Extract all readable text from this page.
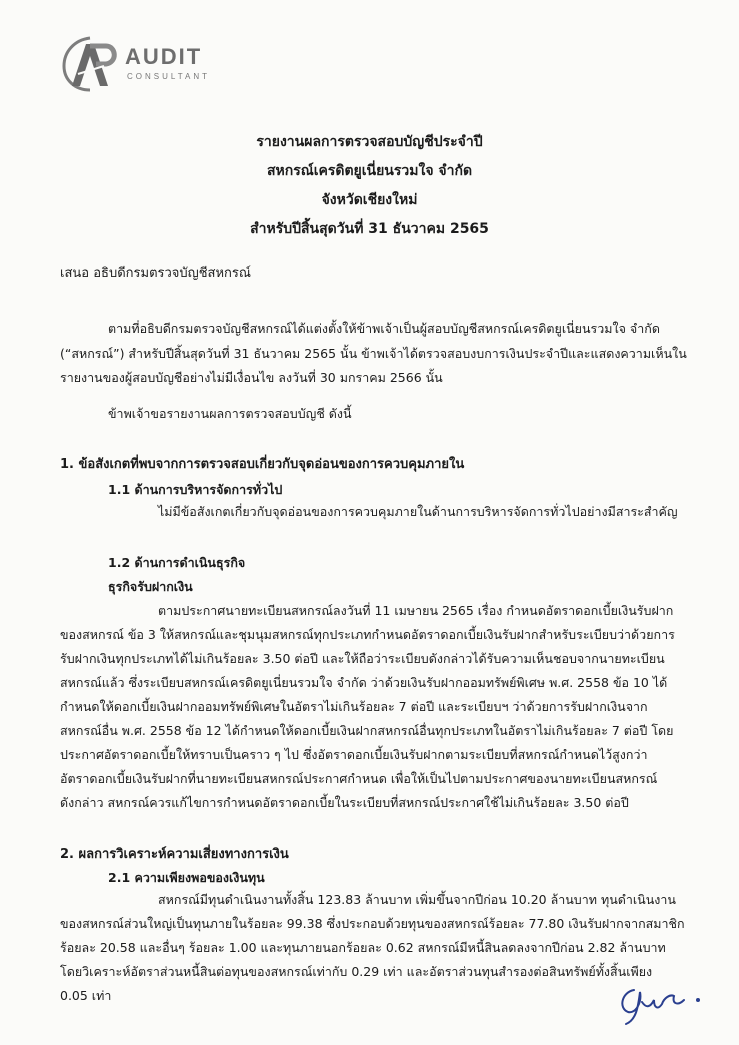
AUDIT
CONSULTANT
รายงานผลการตรวจสอบบัญชีประจำปี
สหกรณ์เครดิตยูเนี่ยนรวมใจ จำกัด
จังหวัดเชียงใหม่
สำหรับปีสิ้นสุดวันที่ 31 ธันวาคม 2565
เสนอ อธิบดีกรมตรวจบัญชีสหกรณ์
ตามที่อธิบดีกรมตรวจบัญชีสหกรณ์ได้แต่งตั้งให้ข้าพเจ้าเป็นผู้สอบบัญชีสหกรณ์เครดิตยูเนี่ยนรวมใจ จำกัด
(“สหกรณ์”) สำหรับปีสิ้นสุดวันที่ 31 ธันวาคม 2565 นั้น ข้าพเจ้าได้ตรวจสอบงบการเงินประจำปีและแสดงความเห็นใน
รายงานของผู้สอบบัญชีอย่างไม่มีเงื่อนไข ลงวันที่ 30 มกราคม 2566 นั้น
ข้าพเจ้าขอรายงานผลการตรวจสอบบัญชี ดังนี้
1. ข้อสังเกตที่พบจากการตรวจสอบเกี่ยวกับจุดอ่อนของการควบคุมภายใน
1.1 ด้านการบริหารจัดการทั่วไป
ไม่มีข้อสังเกตเกี่ยวกับจุดอ่อนของการควบคุมภายในด้านการบริหารจัดการทั่วไปอย่างมีสาระสำคัญ
1.2 ด้านการดำเนินธุรกิจ
ธุรกิจรับฝากเงิน
ตามประกาศนายทะเบียนสหกรณ์ลงวันที่ 11 เมษายน 2565 เรื่อง กำหนดอัตราดอกเบี้ยเงินรับฝาก
ของสหกรณ์ ข้อ 3 ให้สหกรณ์และชุมนุมสหกรณ์ทุกประเภทกำหนดอัตราดอกเบี้ยเงินรับฝากสำหรับระเบียบว่าด้วยการ
รับฝากเงินทุกประเภทได้ไม่เกินร้อยละ 3.50 ต่อปี และให้ถือว่าระเบียบดังกล่าวได้รับความเห็นชอบจากนายทะเบียน
สหกรณ์แล้ว ซึ่งระเบียบสหกรณ์เครดิตยูเนี่ยนรวมใจ จำกัด ว่าด้วยเงินรับฝากออมทรัพย์พิเศษ พ.ศ. 2558 ข้อ 10 ได้
กำหนดให้ดอกเบี้ยเงินฝากออมทรัพย์พิเศษในอัตราไม่เกินร้อยละ 7 ต่อปี และระเบียบฯ ว่าด้วยการรับฝากเงินจาก
สหกรณ์อื่น พ.ศ. 2558 ข้อ 12 ได้กำหนดให้ดอกเบี้ยเงินฝากสหกรณ์อื่นทุกประเภทในอัตราไม่เกินร้อยละ 7 ต่อปี โดย
ประกาศอัตราดอกเบี้ยให้ทราบเป็นคราว ๆ ไป ซึ่งอัตราดอกเบี้ยเงินรับฝากตามระเบียบที่สหกรณ์กำหนดไว้สูงกว่า
อัตราดอกเบี้ยเงินรับฝากที่นายทะเบียนสหกรณ์ประกาศกำหนด เพื่อให้เป็นไปตามประกาศของนายทะเบียนสหกรณ์
ดังกล่าว สหกรณ์ควรแก้ไขการกำหนดอัตราดอกเบี้ยในระเบียบที่สหกรณ์ประกาศใช้ไม่เกินร้อยละ 3.50 ต่อปี
2. ผลการวิเคราะห์ความเสี่ยงทางการเงิน
2.1 ความเพียงพอของเงินทุน
สหกรณ์มีทุนดำเนินงานทั้งสิ้น 123.83 ล้านบาท เพิ่มขึ้นจากปีก่อน 10.20 ล้านบาท ทุนดำเนินงาน
ของสหกรณ์ส่วนใหญ่เป็นทุนภายในร้อยละ 99.38 ซึ่งประกอบด้วยทุนของสหกรณ์ร้อยละ 77.80 เงินรับฝากจากสมาชิก
ร้อยละ 20.58 และอื่นๆ ร้อยละ 1.00 และทุนภายนอกร้อยละ 0.62 สหกรณ์มีหนี้สินลดลงจากปีก่อน 2.82 ล้านบาท
โดยวิเคราะห์อัตราส่วนหนี้สินต่อทุนของสหกรณ์เท่ากับ 0.29 เท่า และอัตราส่วนทุนสำรองต่อสินทรัพย์ทั้งสิ้นเพียง
0.05 เท่า
